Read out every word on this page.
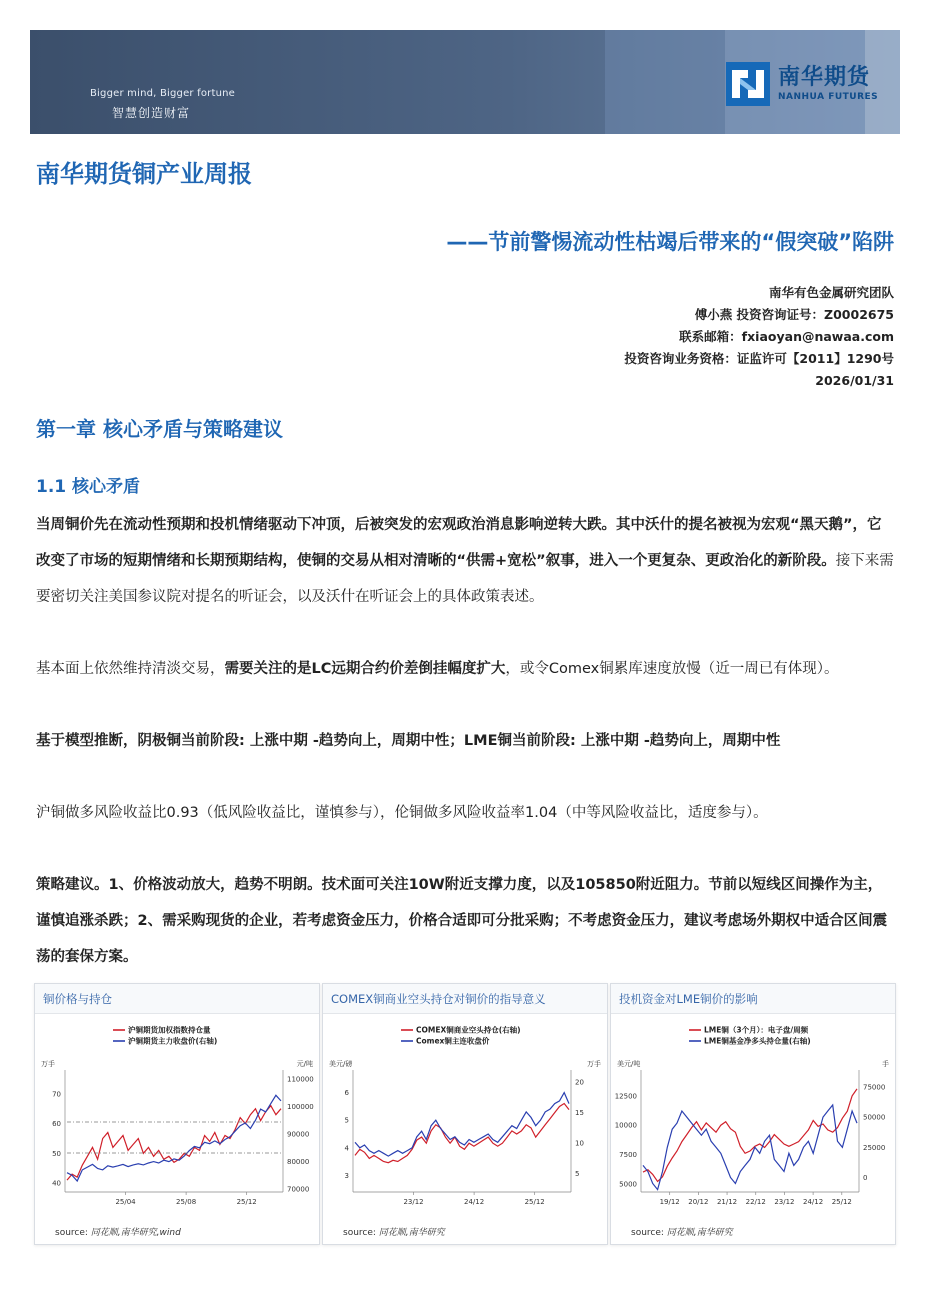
Bigger mind, Bigger fortune
智慧创造财富
南华期货
NANHUA FUTURES
南华期货铜产业周报
——节前警惕流动性枯竭后带来的“假突破”陷阱
南华有色金属研究团队
傅小燕 投资咨询证号：Z0002675
联系邮箱：fxiaoyan@nawaa.com
投资咨询业务资格：证监许可【2011】1290号
2026/01/31
第一章 核心矛盾与策略建议
1.1 核心矛盾
当周铜价先在流动性预期和投机情绪驱动下冲顶，后被突发的宏观政治消息影响逆转大跌。其中沃什的提名被视为宏观“黑天鹅”，它改变了市场的短期情绪和长期预期结构，使铜的交易从相对清晰的“供需+宽松”叙事，进入一个更复杂、更政治化的新阶段。接下来需要密切关注美国参议院对提名的听证会，以及沃什在听证会上的具体政策表述。
基本面上依然维持清淡交易，需要关注的是LC远期合约价差倒挂幅度扩大，或令Comex铜累库速度放慢（近一周已有体现）。
基于模型推断，阴极铜当前阶段: 上涨中期 -趋势向上，周期中性；LME铜当前阶段: 上涨中期 -趋势向上，周期中性
沪铜做多风险收益比0.93（低风险收益比，谨慎参与），伦铜做多风险收益率1.04（中等风险收益比，适度参与）。
策略建议。1、价格波动放大，趋势不明朗。技术面可关注10W附近支撑力度，以及105850附近阻力。节前以短线区间操作为主，谨慎追涨杀跌；2、需采购现货的企业，若考虑资金压力，价格合适即可分批采购；不考虑资金压力，建议考虑场外期权中适合区间震荡的套保方案。
铜价格与持仓
沪铜期货加权指数持仓量
沪铜期货主力收盘价(右轴)
万手	元/吨
40
50
60
70
70000
80000
90000
100000
110000
25/04	25/08	25/12
source: 同花顺,南华研究,wind
COMEX铜商业空头持仓对铜价的指导意义
COMEX铜商业空头持仓(右轴)
Comex铜主连收盘价
美元/磅	万手
3
4
5
6
5
10
15
20
23/12	24/12	25/12
source: 同花顺,南华研究
投机资金对LME铜价的影响
LME铜（3个月）：电子盘/周频
LME铜基金净多头持仓量(右轴)
美元/吨	手
5000
7500
10000
12500
0
25000
50000
75000
19/12 20/12 21/12 22/12 23/12 24/12 25/12
source: 同花顺,南华研究
